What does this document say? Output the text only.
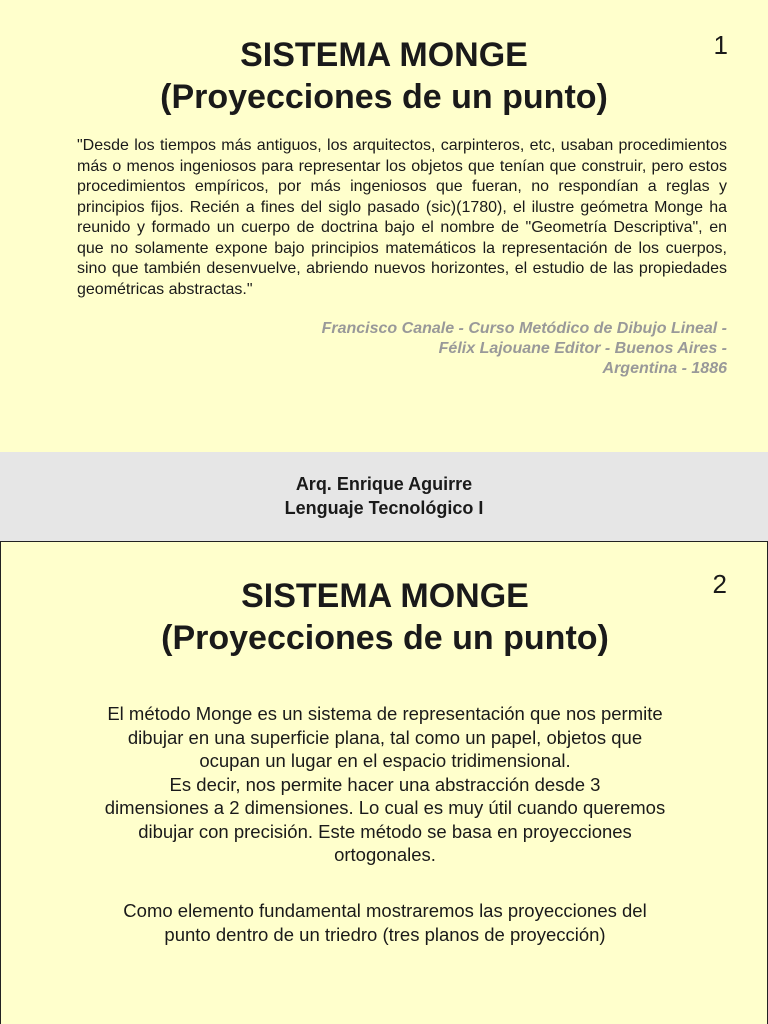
1
SISTEMA MONGE
(Proyecciones de un punto)
"Desde los tiempos más antiguos, los arquitectos, carpinteros, etc, usaban procedimientos más o menos ingeniosos para representar los objetos que tenían que construir, pero estos procedimientos empíricos, por más ingeniosos que fueran, no respondían a reglas y principios fijos. Recién a fines del siglo pasado (sic)(1780), el ilustre geómetra Monge ha reunido y formado un cuerpo de doctrina bajo el nombre de "Geometría Descriptiva", en que no solamente expone bajo principios matemáticos la representación de los cuerpos, sino que también desenvuelve, abriendo nuevos horizontes, el estudio de las propiedades geométricas abstractas."
Francisco Canale - Curso Metódico de Dibujo Lineal -
Félix Lajouane Editor - Buenos Aires -
Argentina - 1886
Arq. Enrique Aguirre
Lenguaje Tecnológico I
2
SISTEMA MONGE
(Proyecciones de un punto)
El método Monge es un sistema de representación que nos permite
dibujar en una superficie plana, tal como un papel, objetos que
ocupan un lugar en el espacio tridimensional.
Es decir, nos permite hacer una abstracción desde 3
dimensiones a 2 dimensiones. Lo cual es muy útil cuando queremos
dibujar con precisión. Este método se basa en proyecciones
ortogonales.
Como elemento fundamental mostraremos las proyecciones del
punto dentro de un triedro (tres planos de proyección)
